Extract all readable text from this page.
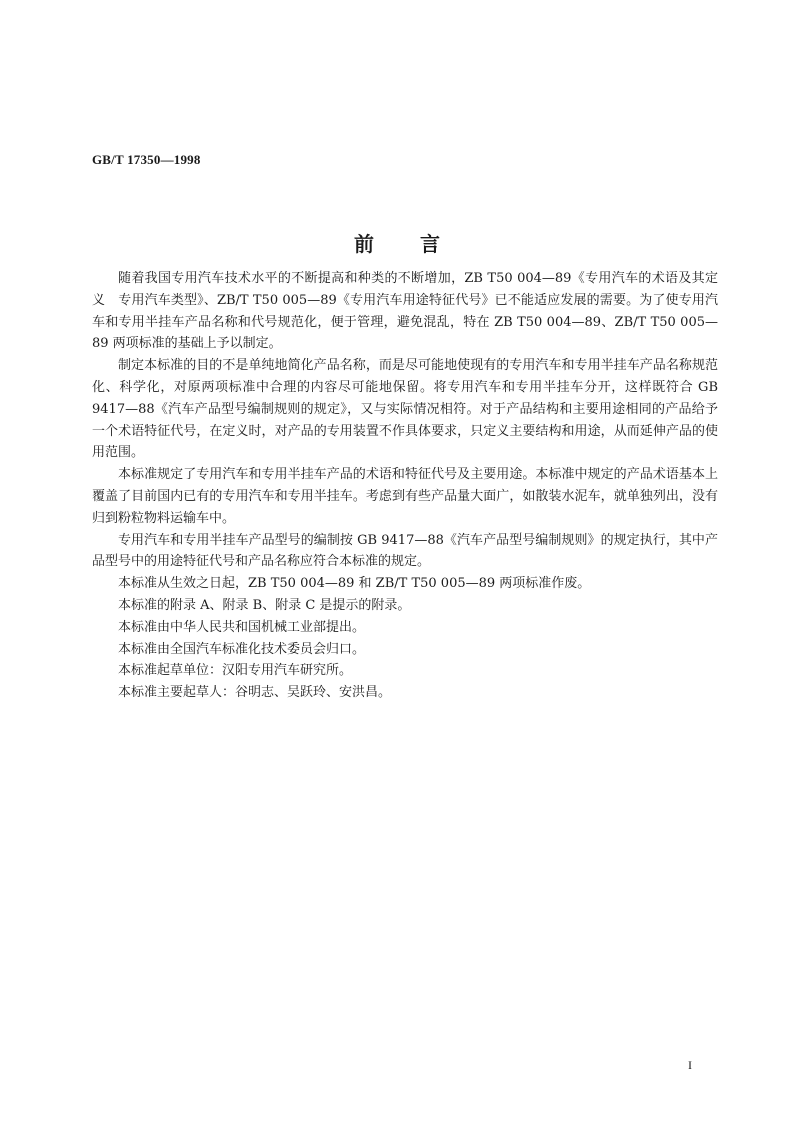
GB/T 17350—1998
前言

随着我国专用汽车技术水平的不断提高和种类的不断增加，ZB T50 004—89《专用汽车的术语及其定义　专用汽车类型》、ZB/T T50 005—89《专用汽车用途特征代号》已不能适应发展的需要。为了使专用汽车和专用半挂车产品名称和代号规范化，便于管理，避免混乱，特在 ZB T50 004—89、ZB/T T50 005—89 两项标准的基础上予以制定。

制定本标准的目的不是单纯地简化产品名称，而是尽可能地使现有的专用汽车和专用半挂车产品名称规范化、科学化，对原两项标准中合理的内容尽可能地保留。将专用汽车和专用半挂车分开，这样既符合 GB 9417—88《汽车产品型号编制规则的规定》，又与实际情况相符。对于产品结构和主要用途相同的产品给予一个术语特征代号，在定义时，对产品的专用装置不作具体要求，只定义主要结构和用途，从而延伸产品的使用范围。

本标准规定了专用汽车和专用半挂车产品的术语和特征代号及主要用途。本标准中规定的产品术语基本上覆盖了目前国内已有的专用汽车和专用半挂车。考虑到有些产品量大面广，如散装水泥车，就单独列出，没有归到粉粒物料运输车中。

专用汽车和专用半挂车产品型号的编制按 GB 9417—88《汽车产品型号编制规则》的规定执行，其中产品型号中的用途特征代号和产品名称应符合本标准的规定。

本标准从生效之日起，ZB T50 004—89 和 ZB/T T50 005—89 两项标准作废。

本标准的附录 A、附录 B、附录 C 是提示的附录。

本标准由中华人民共和国机械工业部提出。

本标准由全国汽车标准化技术委员会归口。

本标准起草单位：汉阳专用汽车研究所。

本标准主要起草人：谷明志、吴跃玲、安洪昌。

I
